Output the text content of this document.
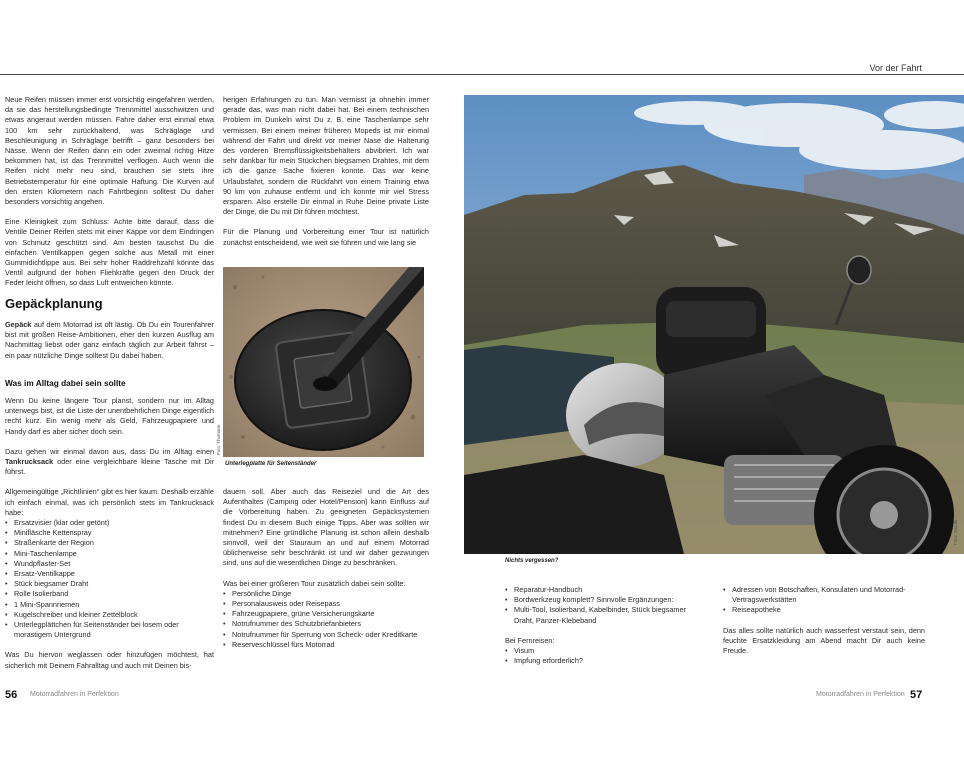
Vor der Fahrt

Neue Reifen müssen immer erst vorsichtig eingefahren werden, da sie das herstellungsbedingte Trennmittel ausschwitzen und etwas angeraut werden müssen. Fahre daher erst einmal etwa 100 km sehr zurückhaltend, was Schräglage und Beschleunigung in Schräglage betrifft – ganz besonders bei Nässe. Wenn der Reifen dann ein oder zweimal richtig Hitze bekommen hat, ist das Trennmittel verflogen. Auch wenn die Reifen nicht mehr neu sind, brauchen sie stets ihre Betriebstemperatur für eine optimale Haftung. Die Kurven auf den ersten Kilometern nach Fahrtbeginn solltest Du daher besonders vorsichtig angehen.

Eine Kleinigkeit zum Schluss: Achte bitte darauf, dass die Ventile Deiner Reifen stets mit einer Kappe vor dem Eindringen von Schmutz geschützt sind. Am besten tauschst Du die einfachen Ventilkappen gegen solche aus Metall mit einer Gummidichtlippe aus. Bei sehr hoher Raddrehzahl könnte das Ventil aufgrund der hohen Fliehkräfte gegen den Druck der Feder leicht öffnen, so dass Luft entweichen könnte.

Gepäckplanung

Gepäck auf dem Motorrad ist oft lästig. Ob Du ein Tourenfahrer bist mit großen Reise-Ambitionen, eher den kurzen Ausflug am Nachmittag liebst oder ganz einfach täglich zur Arbeit fährst – ein paar nützliche Dinge solltest Du dabei haben.

Was im Alltag dabei sein sollte

Wenn Du keine längere Tour planst, sondern nur im Alltag unterwegs bist, ist die Liste der unentbehrlichen Dinge eigentlich recht kurz. Ein wenig mehr als Geld, Fahrzeugpapiere und Handy darf es aber sicher doch sein.

Dazu gehen wir einmal davon aus, dass Du im Alltag einen Tankrucksack oder eine vergleichbare kleine Tasche mit Dir führst.

Allgemeingültige „Richtlinien“ gibt es hier kaum. Deshalb erzähle ich einfach einmal, was ich persönlich stets im Tankrucksack habe:

• Ersatzvisier (klar oder getönt)
• Minifläsche Kettenspray
• Straßenkarte der Region
• Mini-Taschenlampe
• Wundpflaster-Set
• Ersatz-Ventilkappe
• Stück biegsamer Draht
• Rolle Isolierband
• 1 Mini-Spannriemen
• Kugelschreiber und kleiner Zettelblock
• Unterlegplättchen für Seitenständer bei losem oder morastigem Untergrund

Was Du hiervon weglassen oder hinzufügen möchtest, hat sicherlich mit Deinem Fahralltag und auch mit Deinen bis-

herigen Erfahrungen zu tun. Man vermisst ja ohnehin immer gerade das, was man nicht dabei hat. Bei einem technischen Problem im Dunkeln wirst Du z. B. eine Taschenlampe sehr vermissen. Bei einem meiner früheren Mopeds ist mir einmal während der Fahrt und direkt vor meiner Nase die Halterung des vorderen Bremsflüssigkeitsbehälters abvibriert. Ich war sehr dankbar für mein Stückchen biegsamen Drahtes, mit dem ich die ganze Sache fixieren konnte. Das war keine Urlaubsfahrt, sondern die Rückfahrt von einem Training etwa 90 km von zuhause entfernt und ich konnte mir viel Stress ersparen. Also erstelle Dir einmal in Ruhe Deine private Liste der Dinge, die Du mit Dir führen möchtest.

Für die Planung und Vorbereitung einer Tour ist natürlich zunächst entscheidend, wie weit sie führen und wie lang sie

Foto: Thomann
Unterlegplatte für Seitenständer

dauern soll. Aber auch das Reiseziel und die Art des Aufenthaltes (Camping oder Hotel/Pension) kann Einfluss auf die Vorbereitung haben. Zu geeigneten Gepäcksystemen findest Du in diesem Buch einige Tipps. Aber was sollten wir mitnehmen? Eine gründliche Planung ist schon allein deshalb sinnvoll, weil der Stauraum an und auf einem Motorrad üblicherweise sehr beschränkt ist und wir daher gezwungen sind, uns auf die wesentlichen Dinge zu beschränken.

Was bei einer größeren Tour zusätzlich dabei sein sollte:

• Persönliche Dinge
• Personalausweis oder Reisepass
• Fahrzeugpapiere, grüne Versicherungskarte
• Notrufnummer des Schutzbriefanbieters
• Notrufnummer für Sperrung von Scheck- oder Kreditkarte
• Reserveschlüssel fürs Motorrad
Foto: Suzuki
Nichts vergessen?
• Reparatur-Handbuch
• Bordwerkzeug komplett? Sinnvolle Ergänzungen:
• Multi-Tool, Isolierband, Kabelbinder, Stück biegsamer Draht, Panzer-Klebeband

Bei Fernreisen:

• Visum
• Impfung erforderlich?
• Adressen von Botschaften, Konsulaten und Motorrad-Vertragswerkstätten
• Reiseapotheke

Das alles sollte natürlich auch wasserfest verstaut sein, denn feuchte Ersatzkleidung am Abend macht Dir auch keine Freude.

56 Motorradfahren in Perfektion	Motorradfahren in Perfektion 57
